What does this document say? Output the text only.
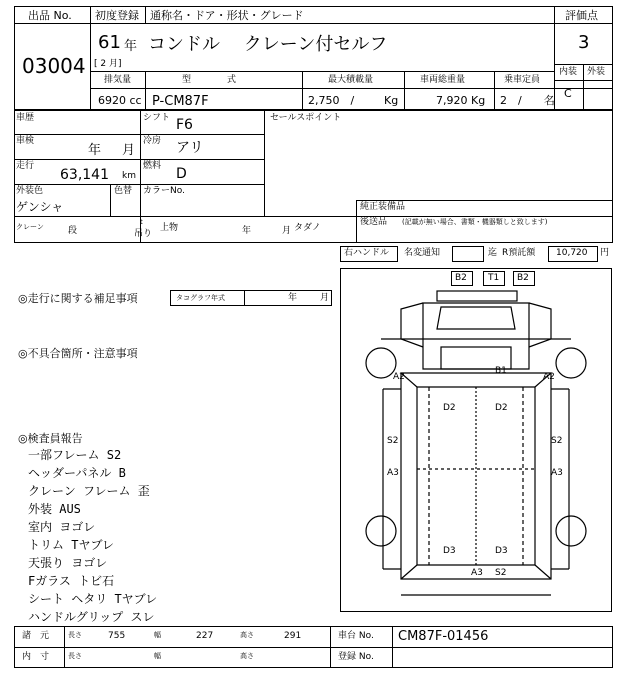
出品 No.
03004
初度登録 通称名・ドア・形状・グレード
61 年
[ 2 月]
コンドル　 クレーン付セルフ
評価点
3
内装 外装
C
排気量	型　　　　式	最大積載量	車両総重量	乗車定員
6920 cc P-CM87F	2,750　/	Kg	7,920 Kg 2　/　　名
車歴	シフト F6	セールスポイント
車検
年 月
冷房 アリ
走行
63,141 km
燃料 D
外装色
ゲンシャ
色替 カラーNo.
純正装備品
クレーン	段
t
吊り
上物	年	月 タダノ
後送品 (記載が無い場合、書類・機器類しと致します)
右ハンドル 名変通知	迄 R預託額 10,720 円
◎走行に関する補足事項	タコグラフ年式	年	月
◎不具合箇所・注意事項
◎検査員報告
一部フレーム S2
ヘッダーパネル B
クレーン フレーム 歪
外装 AUS
室内 ヨゴレ
トリム Tヤブレ
天張り ヨゴレ
Fガラス トビ石
シート ヘタリ Tヤブレ
ハンドルグリップ スレ
B2 T1 B2
B1
A2	A2
D2	D2
S2	S2
A3	A3
D3	D3
A3 S2
諸　元	長さ	755	幅	227	高さ	291	車台 No. CM87F-01456
内　寸	長さ	幅	高さ	登録 No.
